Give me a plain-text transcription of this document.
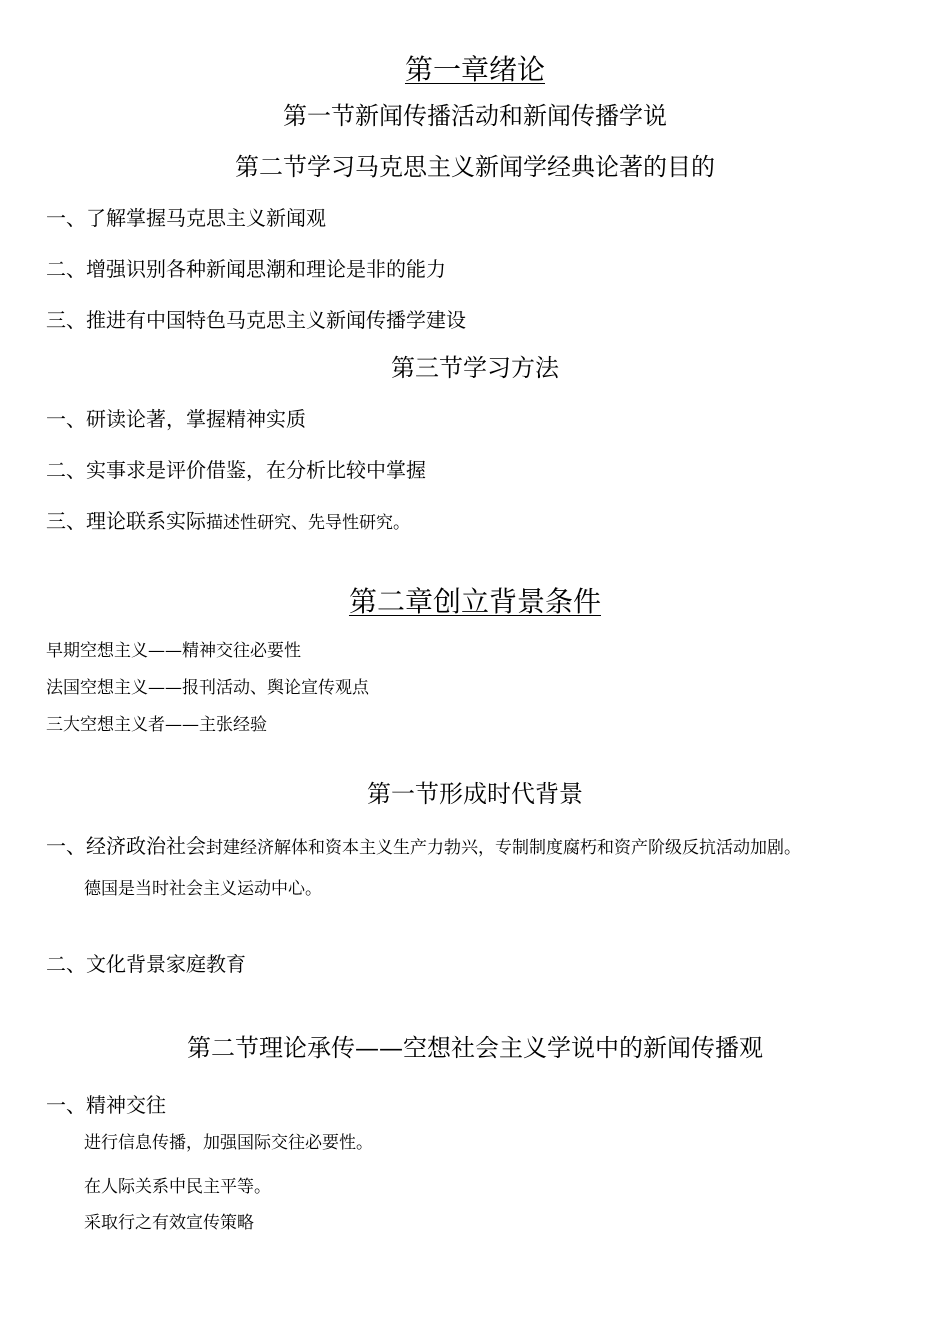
第一章绪论
第一节新闻传播活动和新闻传播学说
第二节学习马克思主义新闻学经典论著的目的
一、了解掌握马克思主义新闻观
二、增强识别各种新闻思潮和理论是非的能力
三、推进有中国特色马克思主义新闻传播学建设
第三节学习方法
一、研读论著，掌握精神实质
二、实事求是评价借鉴，在分析比较中掌握
三、理论联系实际描述性研究、先导性研究。
第二章创立背景条件
早期空想主义——精神交往必要性
法国空想主义——报刊活动、舆论宣传观点
三大空想主义者——主张经验
第一节形成时代背景
一、经济政治社会封建经济解体和资本主义生产力勃兴，专制制度腐朽和资产阶级反抗活动加剧。
德国是当时社会主义运动中心。
二、文化背景家庭教育
第二节理论承传——空想社会主义学说中的新闻传播观
一、精神交往
进行信息传播，加强国际交往必要性。
在人际关系中民主平等。
采取行之有效宣传策略
